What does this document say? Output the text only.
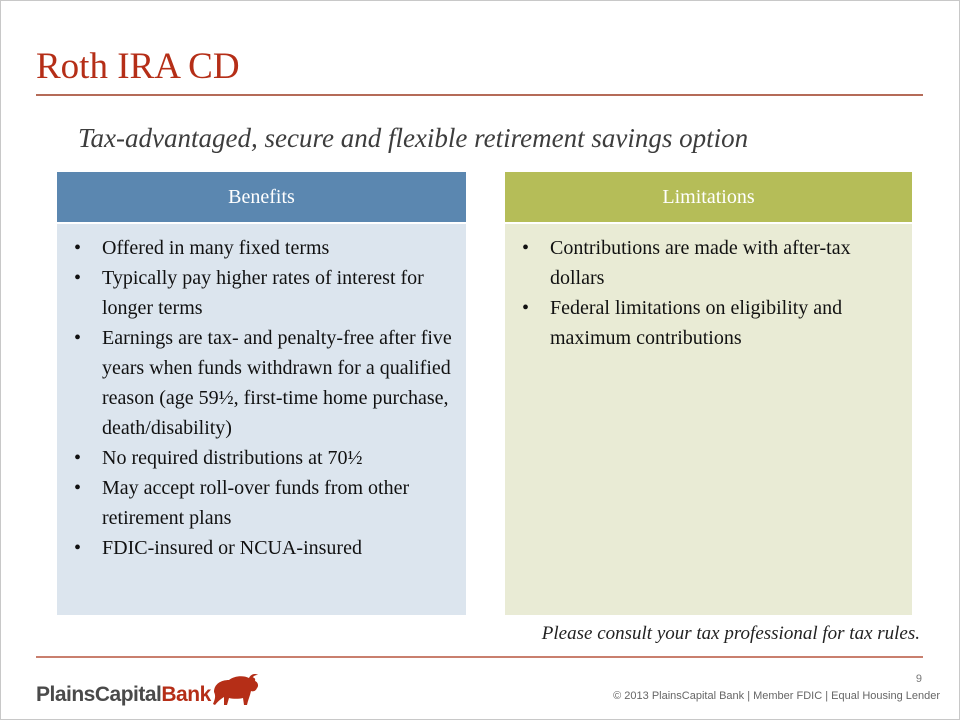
Roth IRA CD
Tax-advantaged, secure and flexible retirement savings option
Benefits
• Offered in many fixed terms
• Typically pay higher rates of interest for longer terms
• Earnings are tax- and penalty-free after five years when funds withdrawn for a qualified reason (age 59½, first-time home purchase, death/disability)
• No required distributions at 70½
• May accept roll-over funds from other retirement plans
• FDIC-insured or NCUA-insured
Limitations
• Contributions are made with after-tax dollars
• Federal limitations on eligibility and maximum contributions
Please consult your tax professional for tax rules.
PlainsCapitalBank
9
© 2013 PlainsCapital Bank | Member FDIC | Equal Housing Lender
